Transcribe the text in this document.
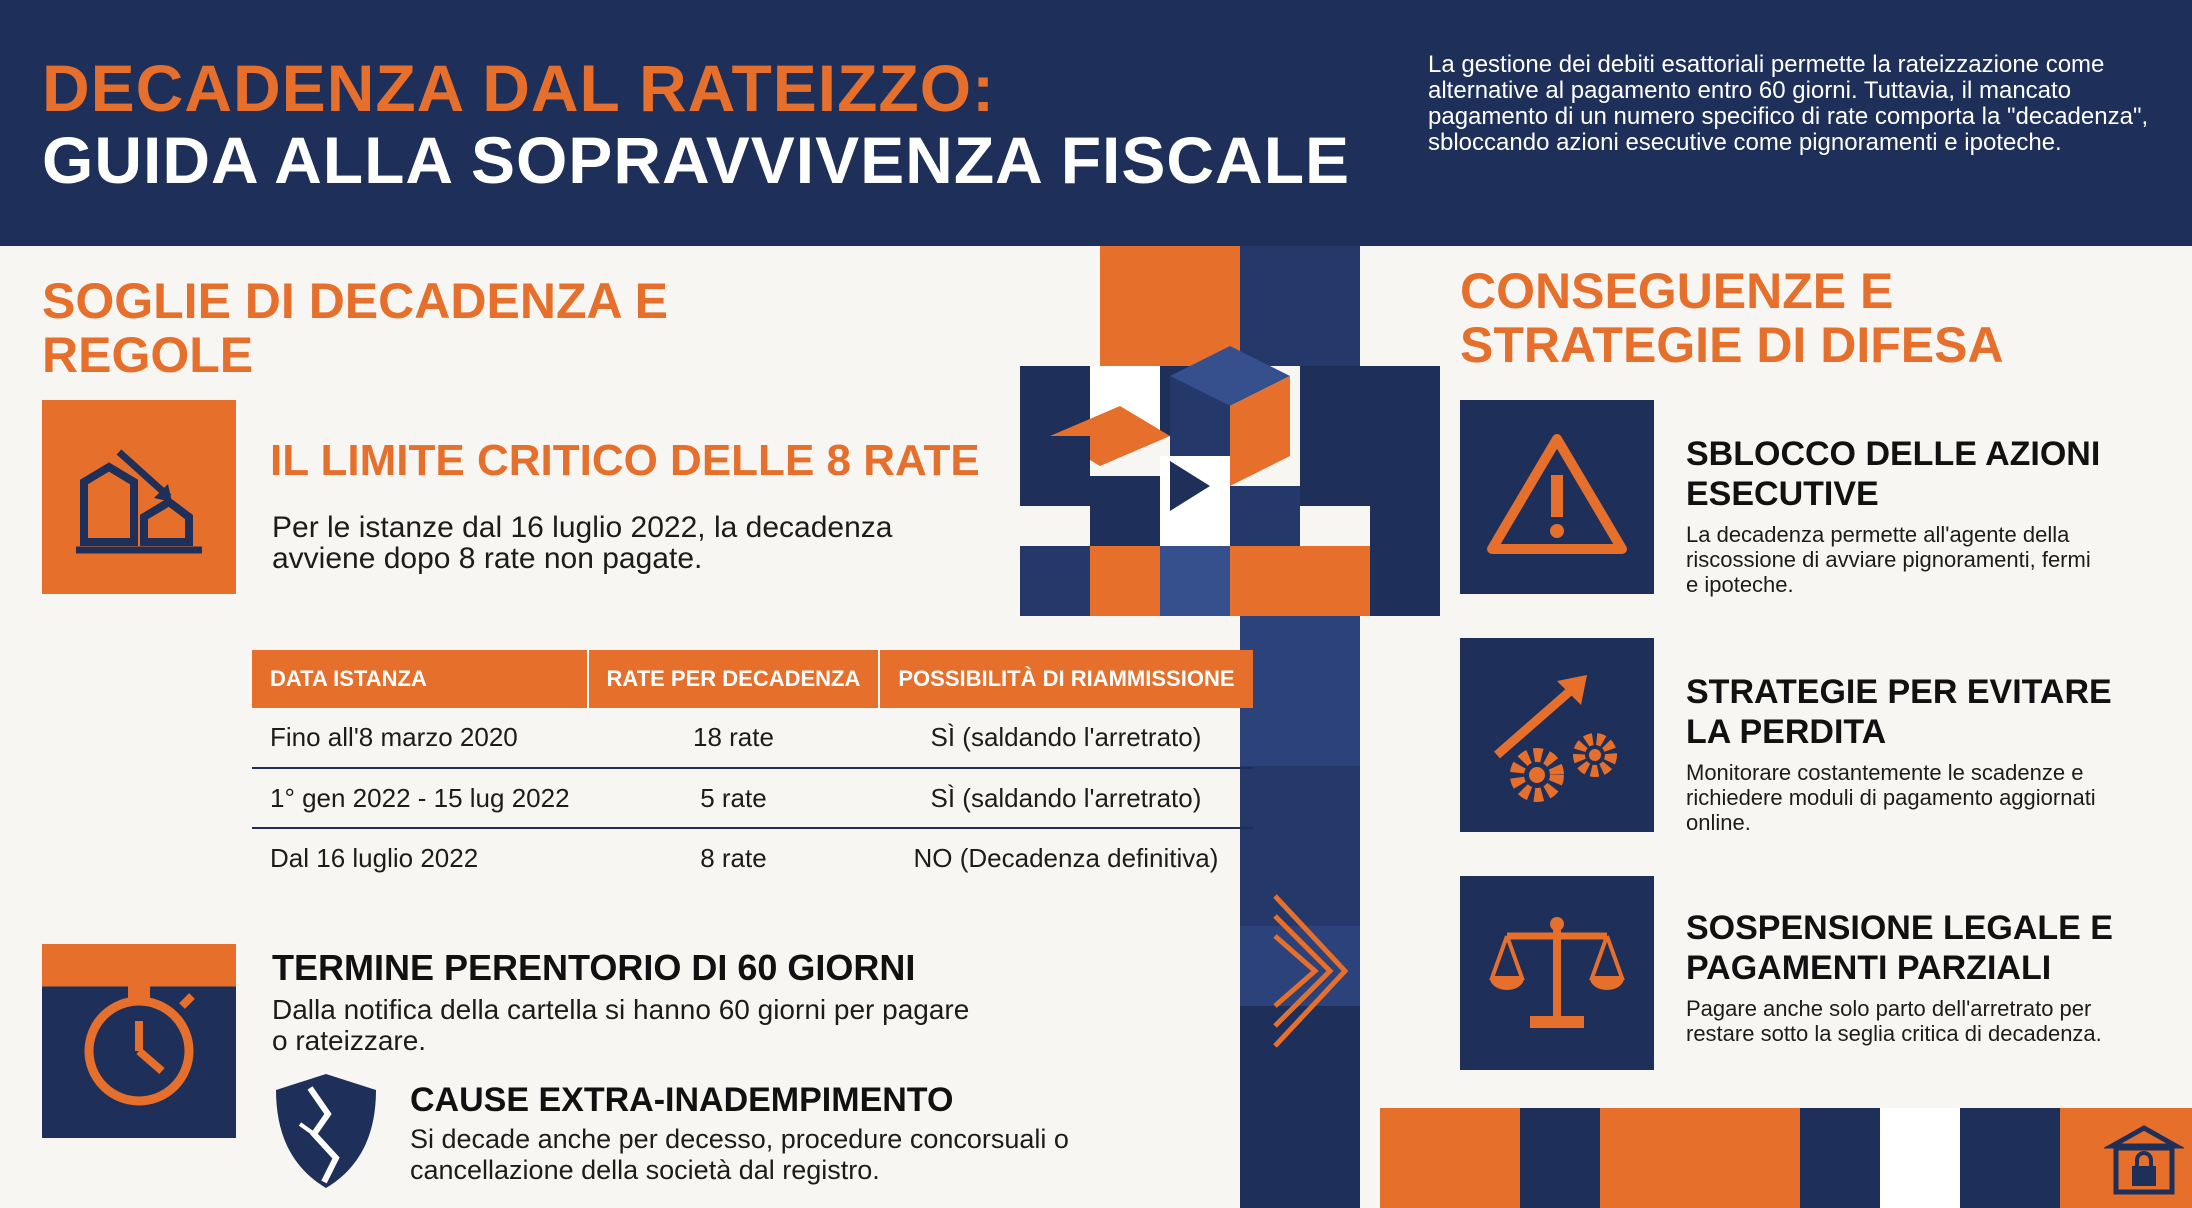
DECADENZA DAL RATEIZZO:
GUIDA ALLA SOPRAVVIVENZA FISCALE
La gestione dei debiti esattoriali permette la rateizzazione come alternative al pagamento entro 60 giorni. Tuttavia, il mancato pagamento di un numero specifico di rate comporta la "decadenza", sbloccando azioni esecutive come pignoramenti e ipoteche.
SOGLIE DI DECADENZA E REGOLE
IL LIMITE CRITICO DELLE 8 RATE
Per le istanze dal 16 luglio 2022, la decadenza avviene dopo 8 rate non pagate.
DATA ISTANZA	RATE PER DECADENZA	POSSIBILITÀ DI RIAMMISSIONE
Fino all'8 marzo 2020	18 rate	SÌ (saldando l'arretrato)
1° gen 2022 - 15 lug 2022	5 rate	SÌ (saldando l'arretrato)
Dal 16 luglio 2022	8 rate	NO (Decadenza definitiva)
TERMINE PERENTORIO DI 60 GIORNI
Dalla notifica della cartella si hanno 60 giorni per pagare o rateizzare.
CAUSE EXTRA-INADEMPIMENTO
Si decade anche per decesso, procedure concorsuali o cancellazione della società dal registro.
CONSEGUENZE E STRATEGIE DI DIFESA
SBLOCCO DELLE AZIONI ESECUTIVE
La decadenza permette all'agente della riscossione di avviare pignoramenti, fermi e ipoteche.
STRATEGIE PER EVITARE LA PERDITA
Monitorare costantemente le scadenze e richiedere moduli di pagamento aggiornati online.
SOSPENSIONE LEGALE E PAGAMENTI PARZIALI
Pagare anche solo parto dell'arretrato per restare sotto la seglia critica di decadenza.
